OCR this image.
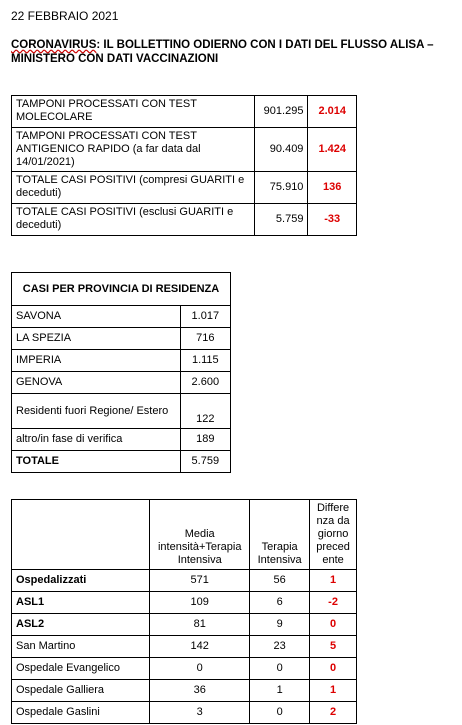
22 FEBBRAIO 2021
CORONAVIRUS: IL BOLLETTINO ODIERNO CON I DATI DEL FLUSSO ALISA – MINISTERO CON DATI VACCINAZIONI
TAMPONI PROCESSATI CON TEST MOLECOLARE	901.295	2.014
TAMPONI PROCESSATI CON TEST ANTIGENICO RAPIDO (a far data dal 14/01/2021)	90.409	1.424
TOTALE CASI POSITIVI (compresi GUARITI e deceduti)	75.910	136
TOTALE CASI POSITIVI (esclusi GUARITI e deceduti)	5.759	-33
CASI PER PROVINCIA DI RESIDENZA	
SAVONA	1.017
LA SPEZIA	716
IMPERIA	1.115
GENOVA	2.600
Residenti fuori Regione/ Estero	122
altro/in fase di verifica	189
TOTALE	5.759
	Media intensità+Terapia Intensiva	Terapia Intensiva	Differenza da giorno precedente
Ospedalizzati	571	56	1
ASL1	109	6	-2
ASL2	81	9	0
San Martino	142	23	5
Ospedale Evangelico	0	0	0
Ospedale Galliera	36	1	1
Ospedale Gaslini	3	0	2
